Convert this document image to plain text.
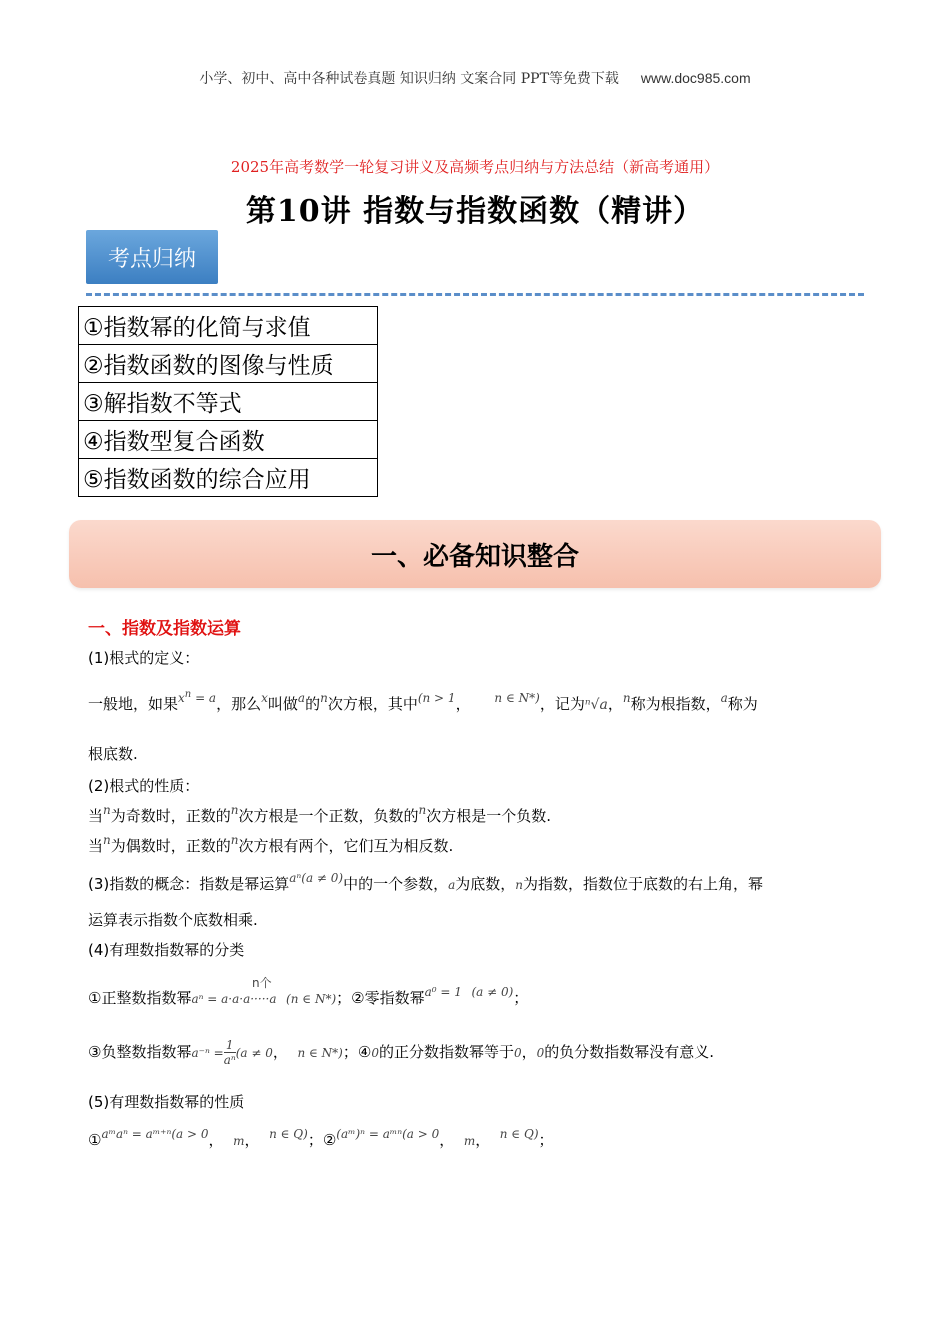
小学、初中、高中各种试卷真题 知识归纳 文案合同 PPT等免费下载 www.doc985.com
2025年高考数学一轮复习讲义及高频考点归纳与方法总结（新高考通用）
第10讲 指数与指数函数（精讲）
考点归纳
①指数幂的化简与求值
②指数函数的图像与性质
③解指数不等式
④指数型复合函数
⑤指数函数的综合应用
一、必备知识整合
一、指数及指数运算
(1)根式的定义：
一般地，如果$^{x^n = a}$，那么$^x$叫做$^a$的$^n$次方根，其中$^{(n > 1}$， $^{n \in N*)}$，记为ⁿ√a，$^n$称为根指数，$^a$称为
根底数.
(2)根式的性质：
当$^n$为奇数时，正数的$^n$次方根是一个正数，负数的$^n$次方根是一个负数.
当$^n$为偶数时，正数的$^n$次方根有两个，它们互为相反数.
(3)指数的概念：指数是幂运算$^{a^n(a \ne 0)}$中的一个参数，a为底数，n为指数，指数位于底数的右上角，幂
运算表示指数个底数相乘.
(4)有理数指数幂的分类
n个
①正整数指数幂aⁿ = a·a·a·····a (n ∈ N*)；②零指数幂$^{a^0 = 1}$ $^{(a \ne 0)}$；
③负整数指数幂$a^{-n} = \frac{1}{\text{aⁿ}} (a \ne 0$， n ∈ N*)；④0的正分数指数幂等于0，0的负分数指数幂没有意义.
(5)有理数指数幂的性质
①$^{aᵐa^n = aᵐ^{+n}(a > 0}$， m， $^{n \in Q)}$；②$^{(aᵐ)^n = aᵐ^n(a > 0}$， m， $^{n \in Q)}$；
